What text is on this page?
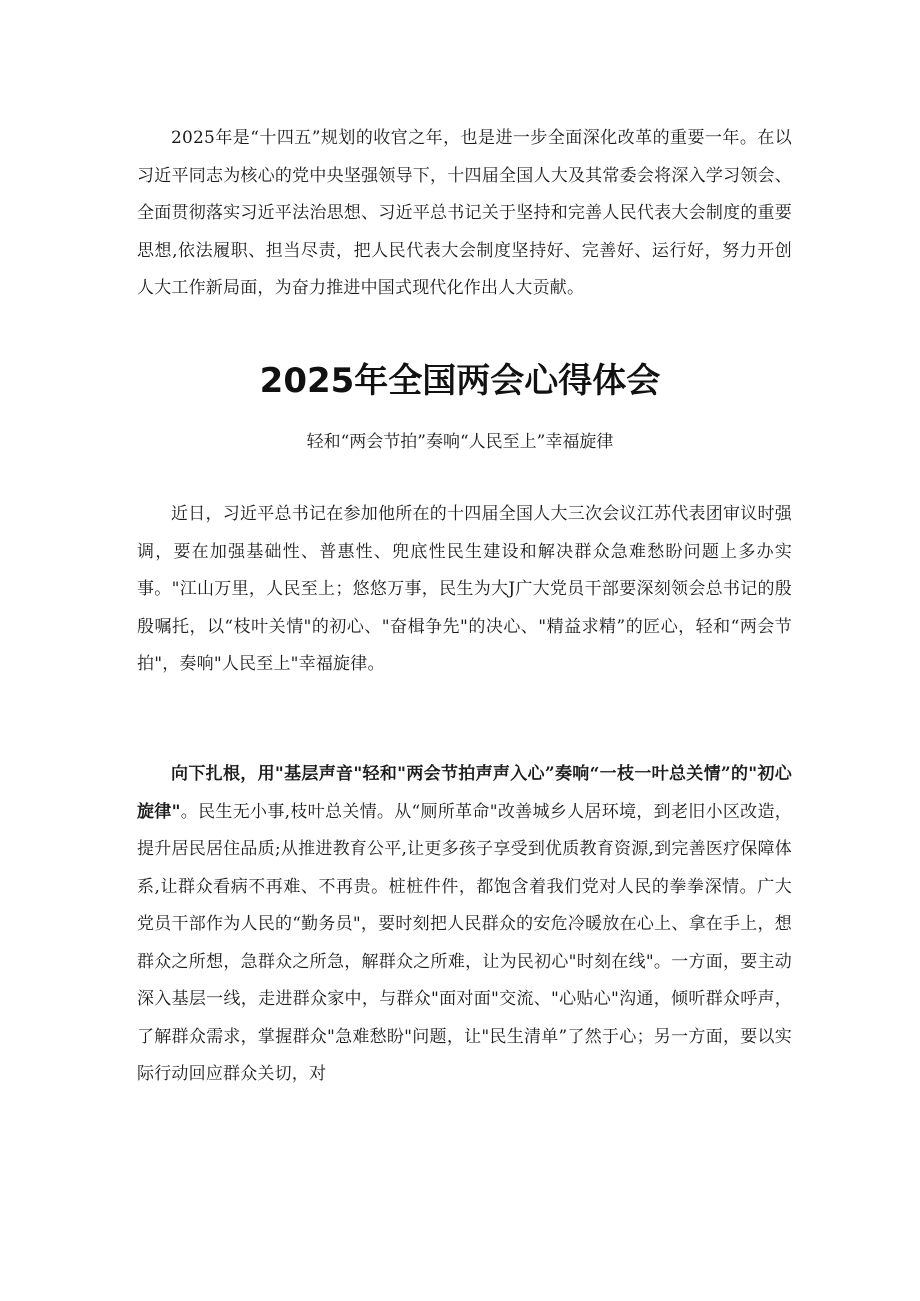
2025年是“十四五”规划的收官之年，也是进一步全面深化改革的重要一年。在以习近平同志为核心的党中央坚强领导下，十四届全国人大及其常委会将深入学习领会、全面贯彻落实习近平法治思想、习近平总书记关于坚持和完善人民代表大会制度的重要思想,依法履职、担当尽责，把人民代表大会制度坚持好、完善好、运行好，努力开创人大工作新局面，为奋力推进中国式现代化作出人大贡献。

2025年全国两会心得体会

轻和“两会节拍”奏响“人民至上”幸福旋律

近日，习近平总书记在参加他所在的十四届全国人大三次会议江苏代表团审议时强调，要在加强基础性、普惠性、兜底性民生建设和解决群众急难愁盼问题上多办实事。"江山万里，人民至上；悠悠万事，民生为大J广大党员干部要深刻领会总书记的殷殷嘱托，以“枝叶关情"的初心、"奋楫争先"的决心、"精益求精”的匠心，轻和“两会节拍"，奏响"人民至上"幸福旋律。

向下扎根，用"基层声音"轻和"两会节拍声声入心”奏响“一枝一叶总关情”的"初心旋律"。民生无小事,枝叶总关情。从“厕所革命"改善城乡人居环境，到老旧小区改造，提升居民居住品质;从推进教育公平,让更多孩子享受到优质教育资源,到完善医疗保障体系,让群众看病不再难、不再贵。桩桩件件，都饱含着我们党对人民的拳拳深情。广大党员干部作为人民的“勤务员"，要时刻把人民群众的安危冷暖放在心上、拿在手上，想群众之所想，急群众之所急，解群众之所难，让为民初心"时刻在线"。一方面，要主动深入基层一线，走进群众家中，与群众"面对面"交流、"心贴心"沟通，倾听群众呼声，了解群众需求，掌握群众"急难愁盼"问题，让"民生清单”了然于心；另一方面，要以实际行动回应群众关切，对
